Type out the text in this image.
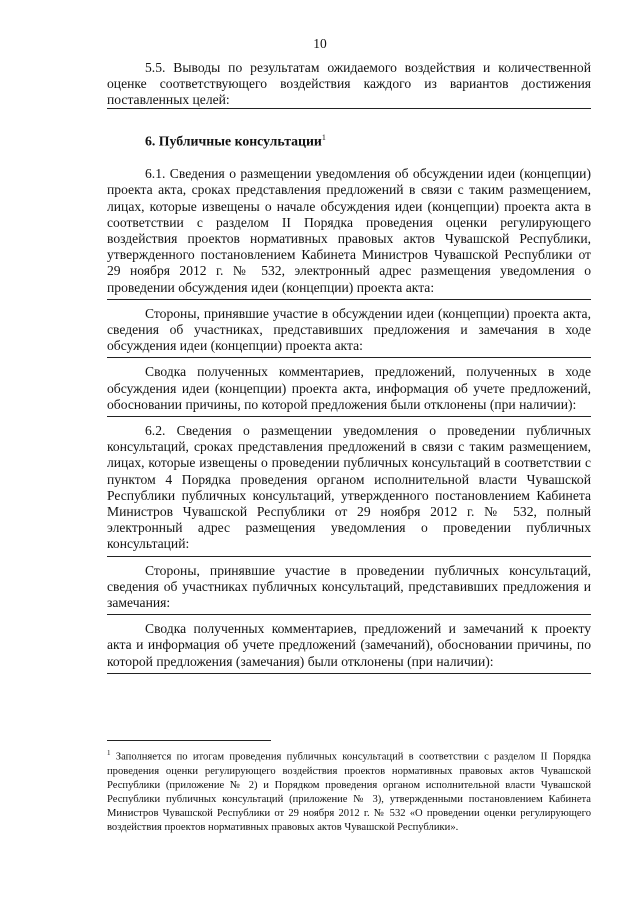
10

5.5. Выводы по результатам ожидаемого воздействия и количественной оценке соответствующего воздействия каждого из вариантов достижения поставленных целей:

6. Публичные консультации$^1$

6.1. Сведения о размещении уведомления об обсуждении идеи (концепции) проекта акта, сроках представления предложений в связи с таким размещением, лицах, которые извещены о начале обсуждения идеи (концепции) проекта акта в соответствии с разделом II Порядка проведения оценки регулирующего воздействия проектов нормативных правовых актов Чувашской Республики, утвержденного постановлением Кабинета Министров Чувашской Республики от 29 ноября 2012 г. № 532, электронный адрес размещения уведомления о проведении обсуждения идеи (концепции) проекта акта:

Стороны, принявшие участие в обсуждении идеи (концепции) проекта акта, сведения об участниках, представивших предложения и замечания в ходе обсуждения идеи (концепции) проекта акта:

Сводка полученных комментариев, предложений, полученных в ходе обсуждения идеи (концепции) проекта акта, информация об учете предложений, обосновании причины, по которой предложения были отклонены (при наличии):

6.2. Сведения о размещении уведомления о проведении публичных консультаций, сроках представления предложений в связи с таким размещением, лицах, которые извещены о проведении публичных консультаций в соответствии с пунктом 4 Порядка проведения органом исполнительной власти Чувашской Республики публичных консультаций, утвержденного постановлением Кабинета Министров Чувашской Республики от 29 ноября 2012 г. № 532, полный электронный адрес размещения уведомления о проведении публичных консультаций:

Стороны, принявшие участие в проведении публичных консультаций, сведения об участниках публичных консультаций, представивших предложения и замечания:

Сводка полученных комментариев, предложений и замечаний к проекту акта и информация об учете предложений (замечаний), обосновании причины, по которой предложения (замечания) были отклонены (при наличии):

$^1$ Заполняется по итогам проведения публичных консультаций в соответствии с разделом II Порядка проведения оценки регулирующего воздействия проектов нормативных правовых актов Чувашской Республики (приложение № 2) и Порядком проведения органом исполнительной власти Чувашской Республики публичных консультаций (приложение № 3), утвержденными постановлением Кабинета Министров Чувашской Республики от 29 ноября 2012 г. № 532 «О проведении оценки регулирующего воздействия проектов нормативных правовых актов Чувашской Республики».
